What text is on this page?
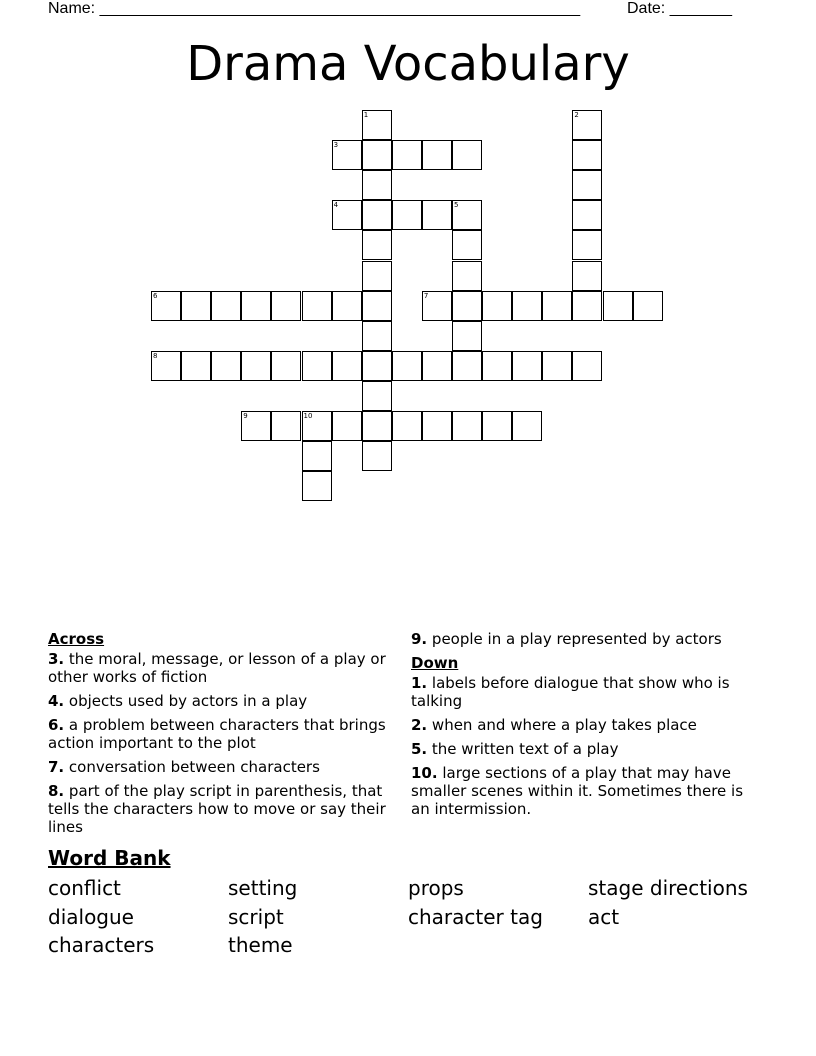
Name: ______________________________________________________	Date: _______
Drama Vocabulary
1	2
3
4	5
6	7
8
9	10
Across
3. the moral, message, or lesson of a play or other works of fiction
4. objects used by actors in a play
6. a problem between characters that brings action important to the plot
7. conversation between characters
8. part of the play script in parenthesis, that tells the characters how to move or say their lines
9. people in a play represented by actors
Down
1. labels before dialogue that show who is talking
2. when and where a play takes place
5. the written text of a play
10. large sections of a play that may have smaller scenes within it. Sometimes there is an intermission.
Word Bank
conflict	setting	props	stage directions
dialogue	script	character tag	act
characters	theme
